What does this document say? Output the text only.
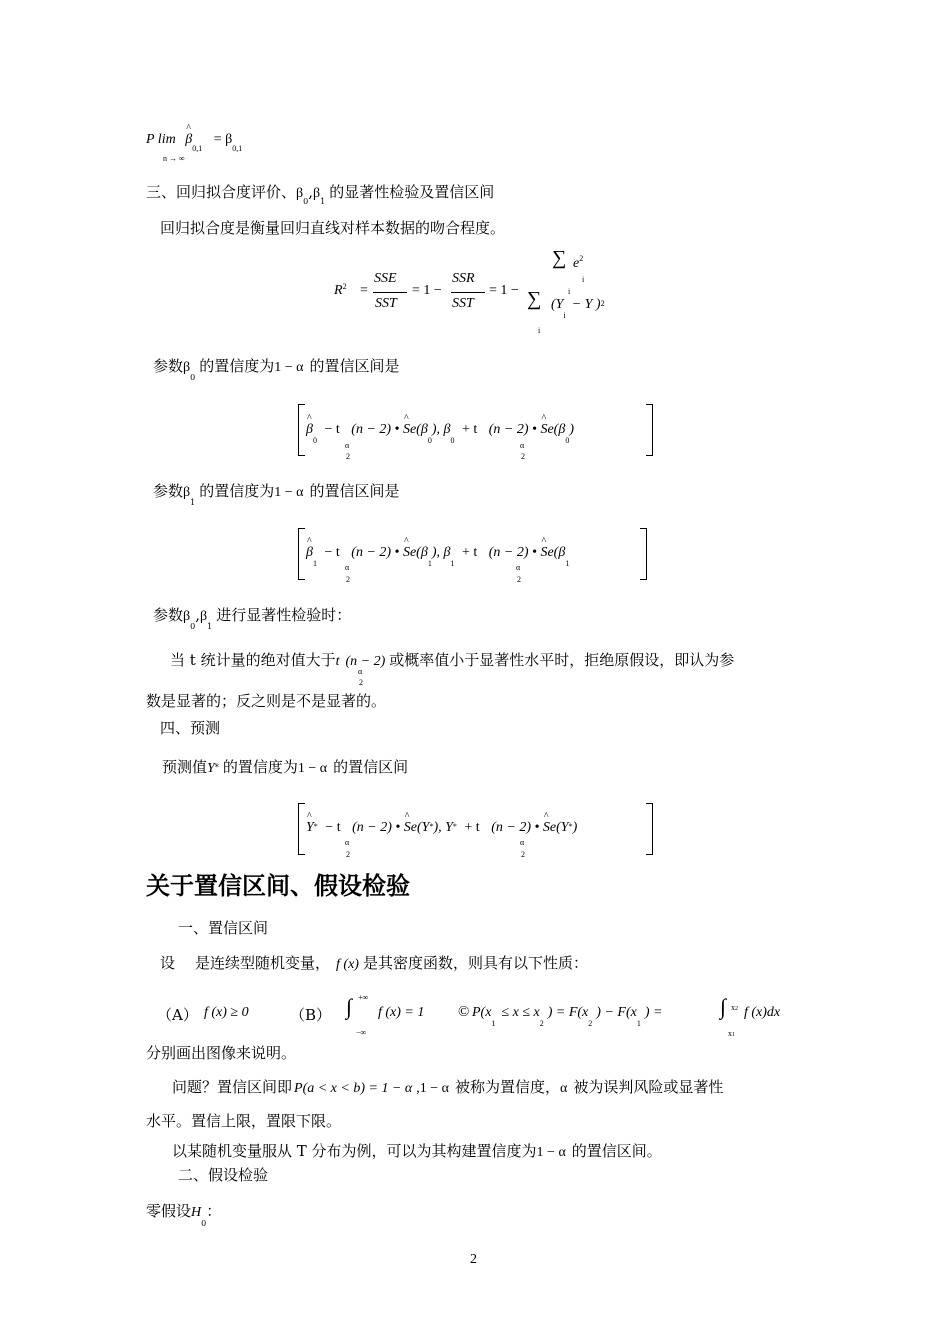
P lim ^ $\beta_{0,1} = \beta_{0,1}$
n → ∞
三、回归拟合度评价、$\beta_0,\beta_1$的显著性检验及置信区间
回归拟合度是衡量回归直线对样本数据的吻合程度。
$R^2$ =
SSE
SST
= 1 −
SSR
SST
= 1 −
∑ $e^2$
i
i
∑ ($Y_i- Y$ )2
i
参数$\beta_0$的置信度为1 − α 的置信区间是
^ $\beta_0 - t$ (n − 2) • ^ $Se(\beta_0)$, $\beta_0 + t$ (n − 2) • ^ $Se(\beta_0)$
α
2
α
2
参数$\beta_1$的置信度为1 − α 的置信区间是
^ $\beta_1 - t$ (n − 2) • ^ $Se(\beta_1)$, $\beta_1 + t$ (n − 2) • ^ $Se(\beta_1$
α
2
α
2
参数$\beta_0,\beta_1$进行显著性检验时：
当 t 统计量的绝对值大于t (n − 2) 或概率值小于显著性水平时，拒绝原假设，即认为参
α
2
数是显著的；反之则是不是显著的。
四、预测
预测值Y* 的置信度为1 − α 的置信区间
^ Y* − t (n − 2) • ^ Se(Y*), Y* + t (n − 2) • ^ Se(Y*)
α
2
α
2
关于置信区间、假设检验
一、置信区间
设 是连续型随机变量， f (x) 是其密度函数，则具有以下性质：
（A） f (x) ≥ 0	（B） ∫ +∞
−∞
f (x) = 1 © $P(x_1\le x \le x_2) = F(x_2) - F(x_1)$ =	∫ x2
x1
f (x)dx
分别画出图像来说明。
问题？置信区间即 P(a < x < b) = 1 − α ,1 − α 被称为置信度，α 被为误判风险或显著性
水平。置信上限，置限下限。
以某随机变量服从 T 分布为例，可以为其构建置信度为1 − α 的置信区间。
二、假设检验
零假设$H_0$：
2
